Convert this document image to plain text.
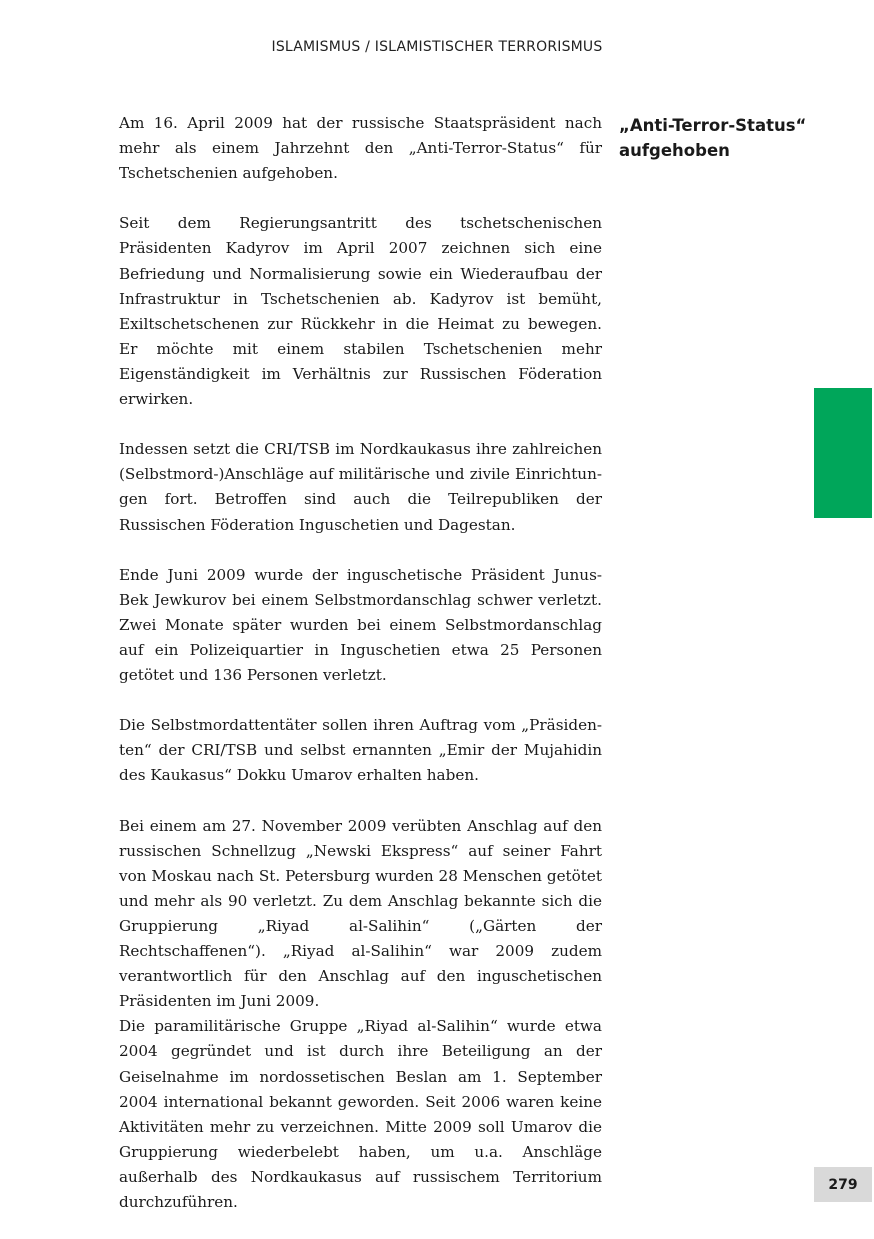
ISLAMISMUS / ISLAMISTISCHER TERRORISMUS

Am 16. April 2009 hat der russische Staatspräsident nach mehr als einem Jahrzehnt den „Anti-Terror-Status“ für Tschetschenien aufgehoben.

Seit dem Regierungsantritt des tschetschenischen Präsidenten Kadyrov im April 2007 zeichnen sich eine Befriedung und Normalisierung sowie ein Wiederaufbau der Infrastruktur in Tschetschenien ab. Kadyrov ist bemüht, Exiltschetschenen zur Rückkehr in die Heimat zu bewegen. Er möchte mit einem stabilen Tschetschenien mehr Eigenständigkeit im Verhältnis zur Russischen Föderation erwirken.

Indessen setzt die CRI/TSB im Nordkaukasus ihre zahlreichen (Selbstmord-)Anschläge auf militärische und zivile Einrichtungen fort. Betroffen sind auch die Teilrepubliken der Russischen Föderation Inguschetien und Dagestan.

Ende Juni 2009 wurde der inguschetische Präsident Junus-Bek Jewkurov bei einem Selbstmordanschlag schwer verletzt. Zwei Monate später wurden bei einem Selbstmordanschlag auf ein Polizeiquartier in Inguschetien etwa 25 Personen getötet und 136 Personen verletzt.

Die Selbstmordattentäter sollen ihren Auftrag vom „Präsidenten“ der CRI/TSB und selbst ernannten „Emir der Mujahidin des Kaukasus“ Dokku Umarov erhalten haben.

Bei einem am 27. November 2009 verübten Anschlag auf den russischen Schnellzug „Newski Ekspress“ auf seiner Fahrt von Moskau nach St. Petersburg wurden 28 Menschen getötet und mehr als 90 verletzt. Zu dem Anschlag bekannte sich die Gruppierung „Riyad al-Salihin“ („Gärten der Rechtschaffenen“). „Riyad al-Salihin“ war 2009 zudem verantwortlich für den Anschlag auf den inguschetischen Präsidenten im Juni 2009.

Die paramilitärische Gruppe „Riyad al-Salihin“ wurde etwa 2004 gegründet und ist durch ihre Beteiligung an der Geiselnahme im nordossetischen Beslan am 1. September 2004 international bekannt geworden. Seit 2006 waren keine Aktivitäten mehr zu verzeichnen. Mitte 2009 soll Umarov die Gruppierung wiederbelebt haben, um u.a. Anschläge außerhalb des Nordkaukasus auf russischem Territorium durchzuführen.

„Anti-Terror-Status“
aufgehoben
279
